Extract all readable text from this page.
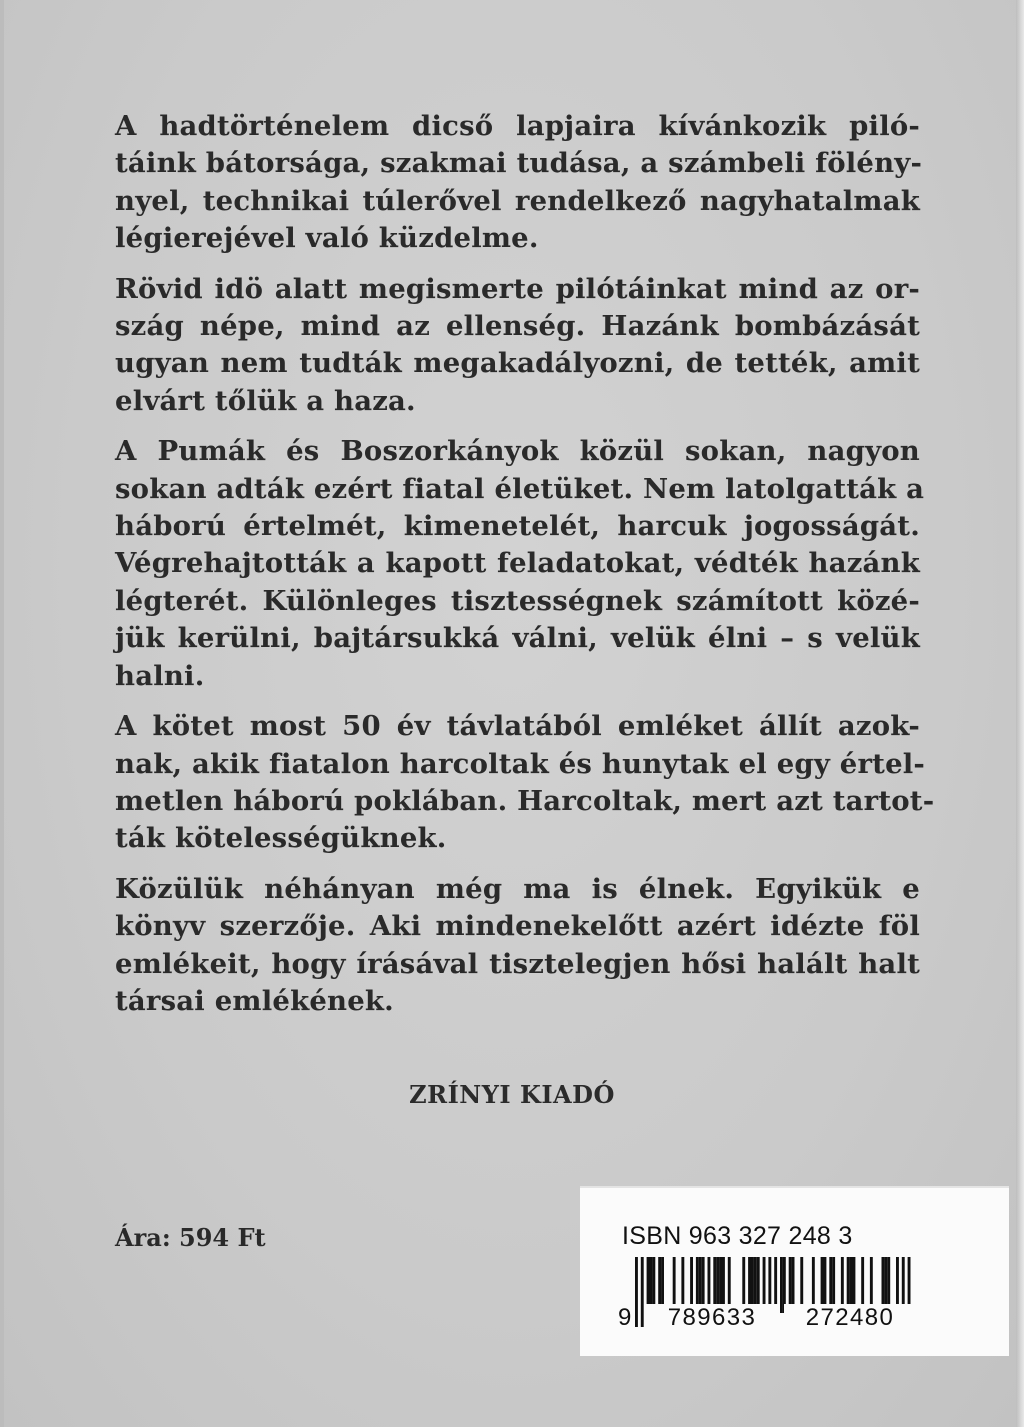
A hadtörténelem dicső lapjaira kívánkozik piló-
táink bátorsága, szakmai tudása, a számbeli fölény-
nyel, technikai túlerővel rendelkező nagyhatalmak
légierejével való küzdelme.

Rövid idö alatt megismerte pilótáinkat mind az or-
szág népe, mind az ellenség. Hazánk bombázását
ugyan nem tudták megakadályozni, de tették, amit
elvárt tőlük a haza.

A Pumák és Boszorkányok közül sokan, nagyon
sokan adták ezért fiatal életüket. Nem latolgatták a
háború értelmét, kimenetelét, harcuk jogosságát.
Végrehajtották a kapott feladatokat, védték hazánk
légterét. Különleges tisztességnek számított közé-
jük kerülni, bajtársukká válni, velük élni – s velük
halni.

A kötet most 50 év távlatából emléket állít azok-
nak, akik fiatalon harcoltak és hunytak el egy értel-
metlen háború poklában. Harcoltak, mert azt tartot-
ták kötelességüknek.

Közülük néhányan még ma is élnek. Egyikük e
könyv szerzője. Aki mindenekelőtt azért idézte föl
emlékeit, hogy írásával tisztelegjen hősi halált halt
társai emlékének.

ZRÍNYI KIADÓ
Ára: 594 Ft	ISBN 963 327 248 3
9	789633	272480
